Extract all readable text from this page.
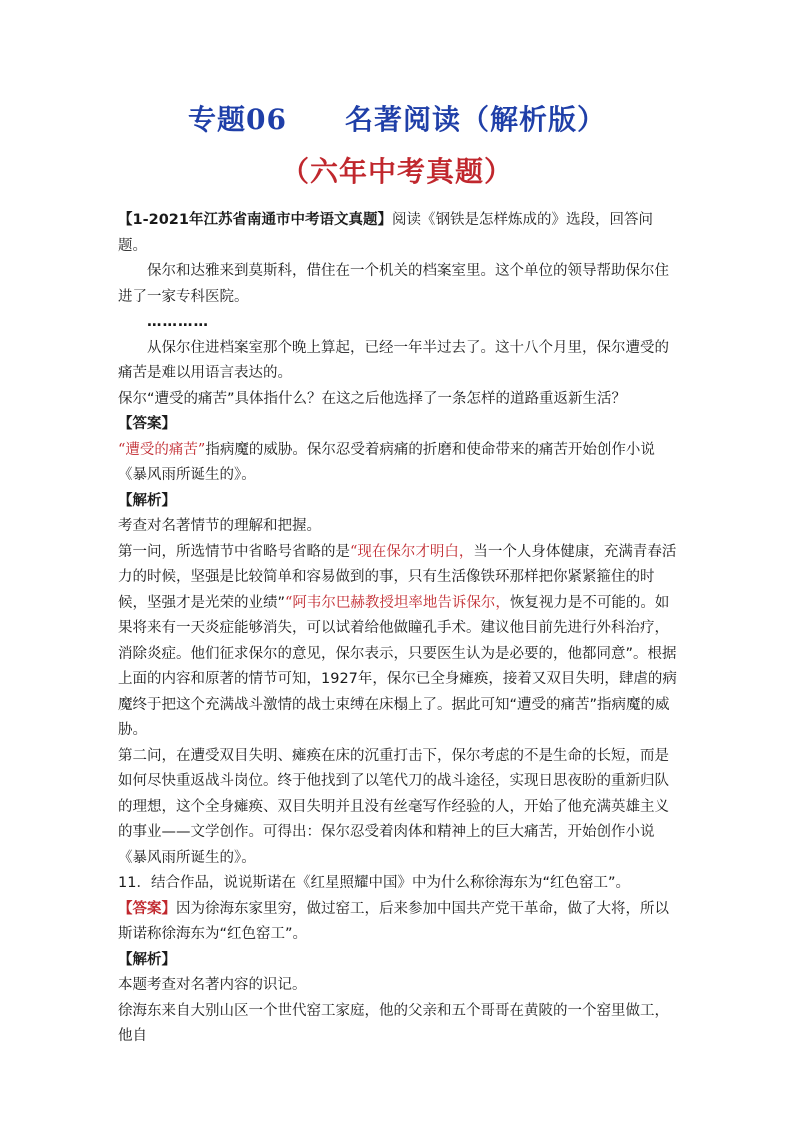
专题06　　名著阅读（解析版）
（六年中考真题）

【1-2021年江苏省南通市中考语文真题】阅读《钢铁是怎样炼成的》选段，回答问题。

保尔和达雅来到莫斯科，借住在一个机关的档案室里。这个单位的领导帮助保尔住进了一家专科医院。

…………

从保尔住进档案室那个晚上算起，已经一年半过去了。这十八个月里，保尔遭受的痛苦是难以用语言表达的。

保尔“遭受的痛苦”具体指什么？在这之后他选择了一条怎样的道路重返新生活？

【答案】

“遭受的痛苦”指病魔的威胁。保尔忍受着病痛的折磨和使命带来的痛苦开始创作小说《暴风雨所诞生的》。

【解析】

考查对名著情节的理解和把握。

第一问，所选情节中省略号省略的是“现在保尔才明白，当一个人身体健康，充满青春活力的时候，坚强是比较简单和容易做到的事，只有生活像铁环那样把你紧紧箍住的时候，坚强才是光荣的业绩”“阿韦尔巴赫教授坦率地告诉保尔，恢复视力是不可能的。如果将来有一天炎症能够消失，可以试着给他做瞳孔手术。建议他目前先进行外科治疗，消除炎症。他们征求保尔的意见，保尔表示，只要医生认为是必要的，他都同意”。根据上面的内容和原著的情节可知，1927年，保尔已全身瘫痪，接着又双目失明，肆虐的病魔终于把这个充满战斗激情的战士束缚在床榻上了。据此可知“遭受的痛苦”指病魔的威胁。

第二问，在遭受双目失明、瘫痪在床的沉重打击下，保尔考虑的不是生命的长短，而是如何尽快重返战斗岗位。终于他找到了以笔代刀的战斗途径，实现日思夜盼的重新归队的理想，这个全身瘫痪、双目失明并且没有丝毫写作经验的人，开始了他充满英雄主义的事业——文学创作。可得出：保尔忍受着肉体和精神上的巨大痛苦，开始创作小说《暴风雨所诞生的》。

11．结合作品，说说斯诺在《红星照耀中国》中为什么称徐海东为“红色窑工”。

【答案】因为徐海东家里穷，做过窑工，后来参加中国共产党干革命，做了大将，所以斯诺称徐海东为“红色窑工”。

【解析】

本题考查对名著内容的识记。

徐海东来自大别山区一个世代窑工家庭，他的父亲和五个哥哥在黄陂的一个窑里做工，他自
